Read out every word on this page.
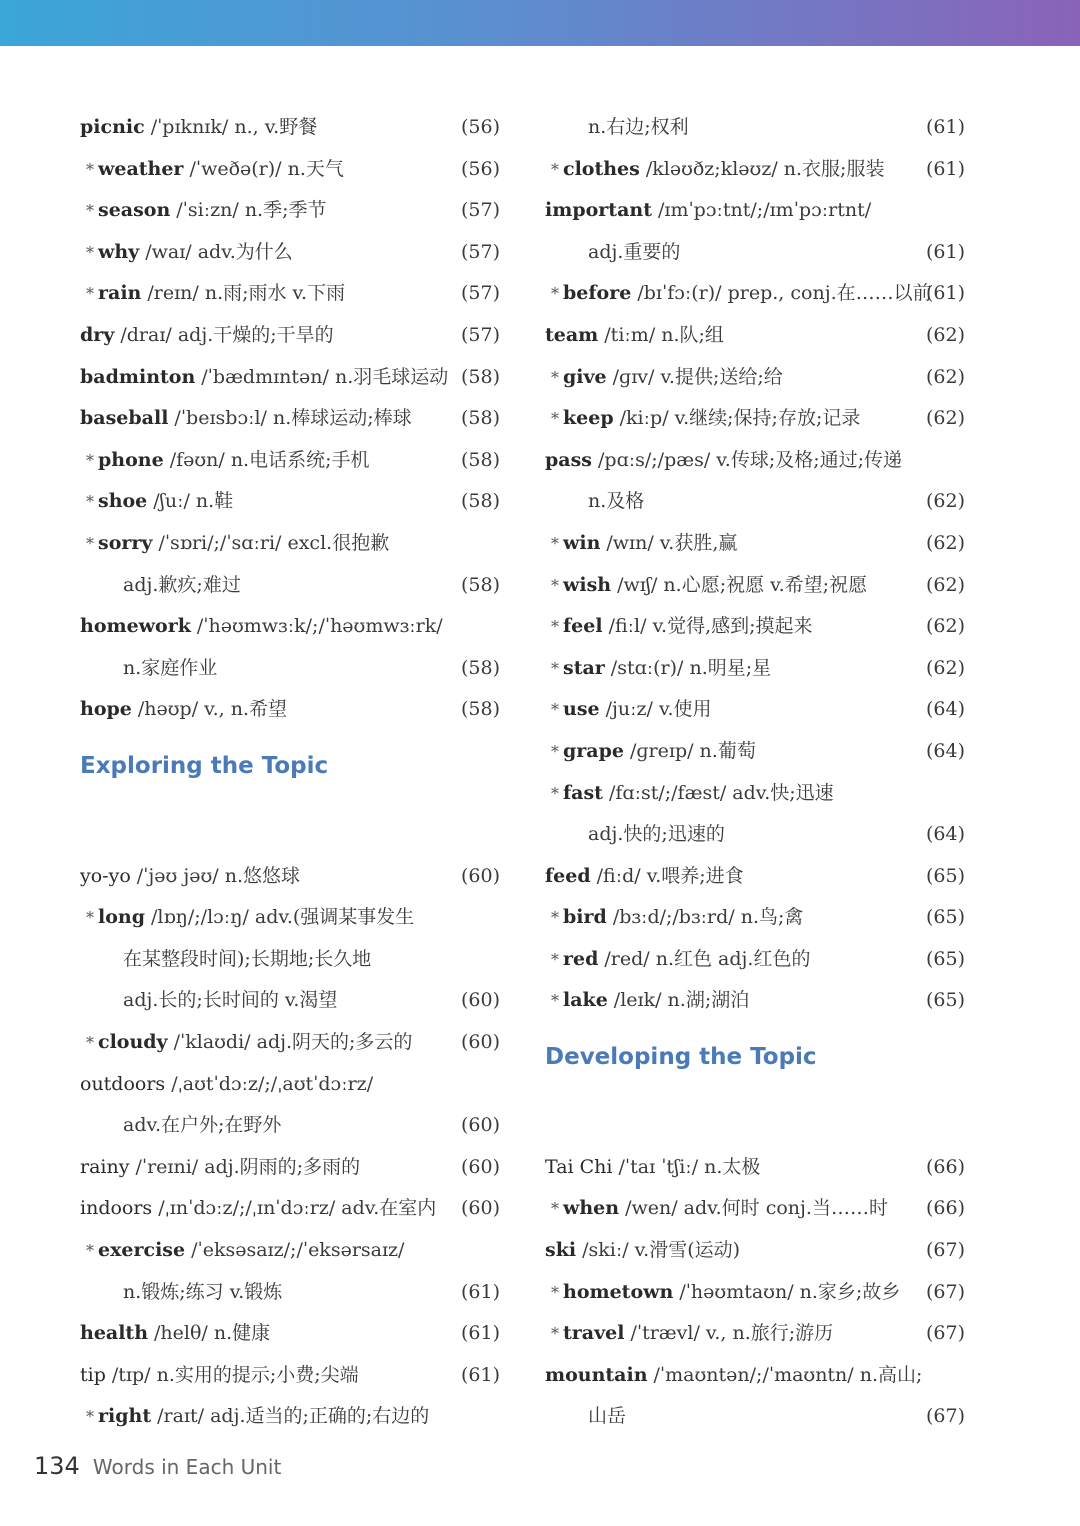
picnic /ˈpɪknɪk/ n., v.野餐	(56)
* weather /ˈweðə(r)/ n.天气	(56)
* season /ˈsiːzn/ n.季;季节	(57)
* why /waɪ/ adv.为什么	(57)
* rain /reɪn/ n.雨;雨水 v.下雨	(57)
dry /draɪ/ adj.干燥的;干旱的	(57)
badminton /ˈbædmɪntən/ n.羽毛球运动 (58)
baseball /ˈbeɪsbɔːl/ n.棒球运动;棒球	(58)
* phone /fəʊn/ n.电话系统;手机	(58)
* shoe /ʃuː/ n.鞋	(58)
* sorry /ˈsɒri/;/ˈsɑːri/ excl.很抱歉
adj.歉疚;难过	(58)
homework /ˈhəʊmwɜːk/;/ˈhəʊmwɜːrk/
n.家庭作业	(58)
hope /həʊp/ v., n.希望	(58)
Exploring the Topic
yo-yo /ˈjəʊ jəʊ/ n.悠悠球	(60)
* long /lɒŋ/;/lɔːŋ/ adv.(强调某事发生
在某整段时间);长期地;长久地
adj.长的;长时间的 v.渴望	(60)
* cloudy /ˈklaʊdi/ adj.阴天的;多云的	(60)
outdoors /ˌaʊtˈdɔːz/;/ˌaʊtˈdɔːrz/
adv.在户外;在野外	(60)
rainy /ˈreɪni/ adj.阴雨的;多雨的	(60)
indoors /ˌɪnˈdɔːz/;/ˌɪnˈdɔːrz/ adv.在室内 (60)
* exercise /ˈeksəsaɪz/;/ˈeksərsaɪz/
n.锻炼;练习 v.锻炼	(61)
health /helθ/ n.健康	(61)
tip /tɪp/ n.实用的提示;小费;尖端	(61)
* right /raɪt/ adj.适当的;正确的;右边的
n.右边;权利	(61)
* clothes /kləʊðz;kləʊz/ n.衣服;服装 (61)
important /ɪmˈpɔːtnt/;/ɪmˈpɔːrtnt/
adj.重要的	(61)
* before /bɪˈfɔː(r)/ prep., conj.在……以前
(61)
team /tiːm/ n.队;组	(62)
* give /ɡɪv/ v.提供;送给;给	(62)
* keep /kiːp/ v.继续;保持;存放;记录	(62)
pass /pɑːs/;/pæs/ v.传球;及格;通过;传递
n.及格	(62)
* win /wɪn/ v.获胜,赢	(62)
* wish /wɪʃ/ n.心愿;祝愿 v.希望;祝愿	(62)
* feel /fiːl/ v.觉得,感到;摸起来	(62)
* star /stɑː(r)/ n.明星;星	(62)
* use /juːz/ v.使用	(64)
* grape /ɡreɪp/ n.葡萄	(64)
* fast /fɑːst/;/fæst/ adv.快;迅速
adj.快的;迅速的	(64)
feed /fiːd/ v.喂养;进食	(65)
* bird /bɜːd/;/bɜːrd/ n.鸟;禽	(65)
* red /red/ n.红色 adj.红色的	(65)
* lake /leɪk/ n.湖;湖泊	(65)
Developing the Topic
Tai Chi /ˈtaɪ ˈtʃiː/ n.太极	(66)
* when /wen/ adv.何时 conj.当……时 (66)
ski /skiː/ v.滑雪(运动)	(67)
* hometown /ˈhəʊmtaʊn/ n.家乡;故乡 (67)
* travel /ˈtrævl/ v., n.旅行;游历	(67)
mountain /ˈmaʊntən/;/ˈmaʊntn/ n.高山;
山岳	(67)
134 Words in Each Unit
